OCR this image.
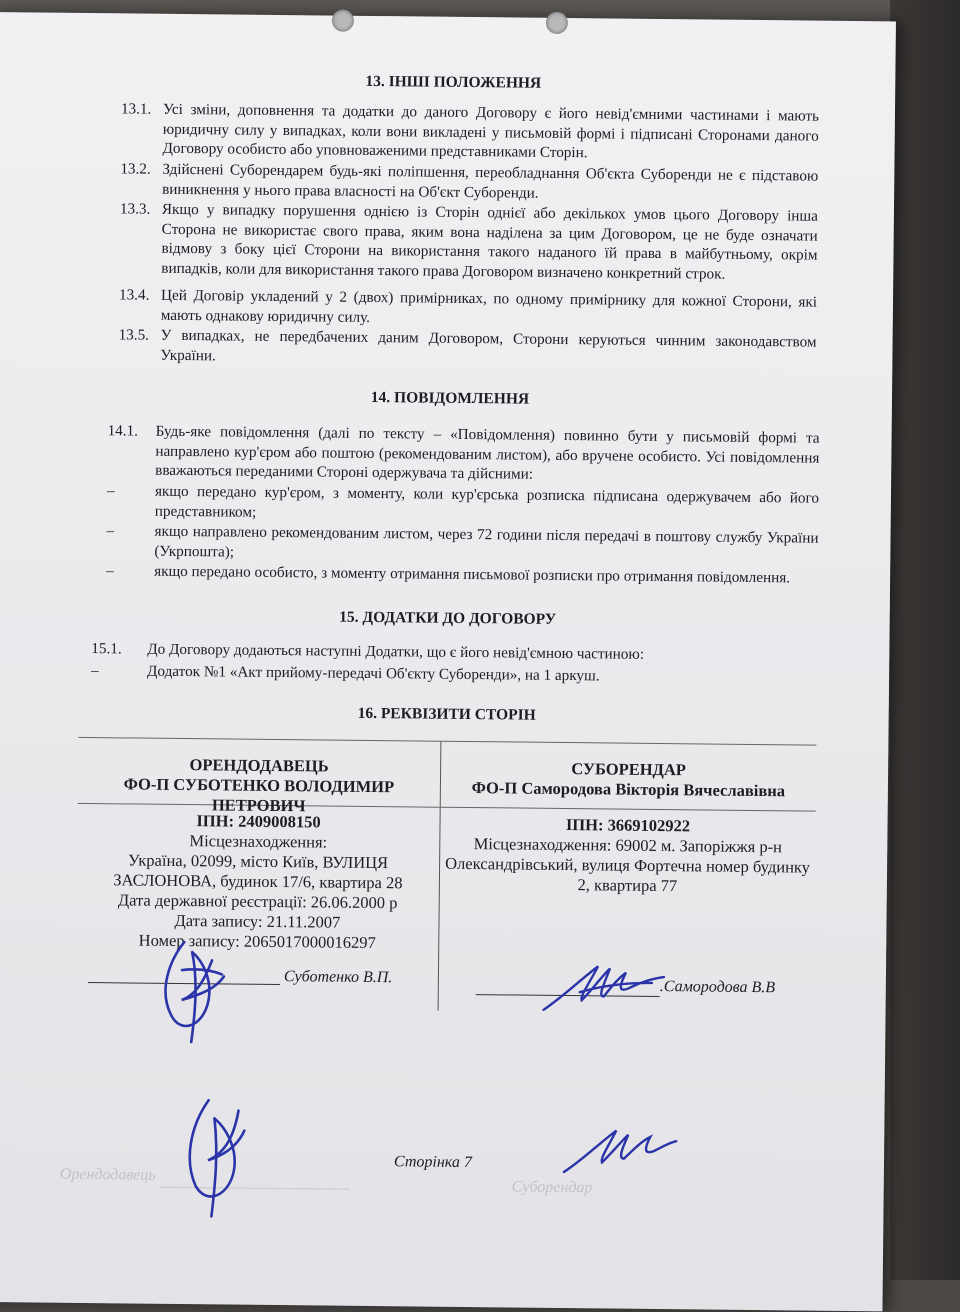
13. ІНШІ ПОЛОЖЕННЯ
13.1. Усі зміни, доповнення та додатки до даного Договору є його невід'ємними частинами і мають юридичну силу у випадках, коли вони викладені у письмовій формі і підписані Сторонами даного Договору особисто або уповноваженими представниками Сторін.
13.2. Здійснені Суборендарем будь-які поліпшення, переобладнання Об'єкта Суборенди не є підставою виникнення у нього права власності на Об'єкт Суборенди.
13.3. Якщо у випадку порушення однією із Сторін однієї або декількох умов цього Договору інша Сторона не використає свого права, яким вона наділена за цим Договором, це не буде означати відмову з боку цієї Сторони на використання такого наданого їй права в майбутньому, окрім випадків, коли для використання такого права Договором визначено конкретний строк.
13.4. Цей Договір укладений у 2 (двох) примірниках, по одному примірнику для кожної Сторони, які мають однакову юридичну силу.
13.5. У випадках, не передбачених даним Договором, Сторони керуються чинним законодавством України.
14. ПОВІДОМЛЕННЯ
14.1. Будь-яке повідомлення (далі по тексту – «Повідомлення) повинно бути у письмовій формі та направлено кур'єром або поштою (рекомендованим листом), або вручене особисто. Усі повідомлення вважаються переданими Стороні одержувача та дійсними:
–	якщо передано кур'єром, з моменту, коли кур'єрська розписка підписана одержувачем або його представником;
–	якщо направлено рекомендованим листом, через 72 години після передачі в поштову службу України (Укрпошта);
–	якщо передано особисто, з моменту отримання письмової розписки про отримання повідомлення.
15. ДОДАТКИ ДО ДОГОВОРУ
15.1. До Договору додаються наступні Додатки, що є його невід'ємною частиною:
–	Додаток №1 «Акт прийому-передачі Об'єкту Суборенди», на 1 аркуш.
16. РЕКВІЗИТИ СТОРІН
ОРЕНДОДАВЕЦЬ
ФО-П СУБОТЕНКО ВОЛОДИМИР ПЕТРОВИЧ
ІПН: 2409008150
Місцезнаходження:
Україна, 02099, місто Київ, ВУЛИЦЯ ЗАСЛОНОВА, будинок 17/6, квартира 28
Дата державної реєстрації: 26.06.2000 р
Дата запису: 21.11.2007
Номер запису: 2065017000016297
СУБОРЕНДАР
ФО-П Самородова Вікторія Вячеславівна
ІПН: 3669102922
Місцезнаходження: 69002 м. Запоріжжя р-н Олександрівський, вулиця Фортечна номер будинку 2, квартира 77
Суботенко В.П.
.Самородова В.В
Орендодавець
Сторінка 7
Суборендар
